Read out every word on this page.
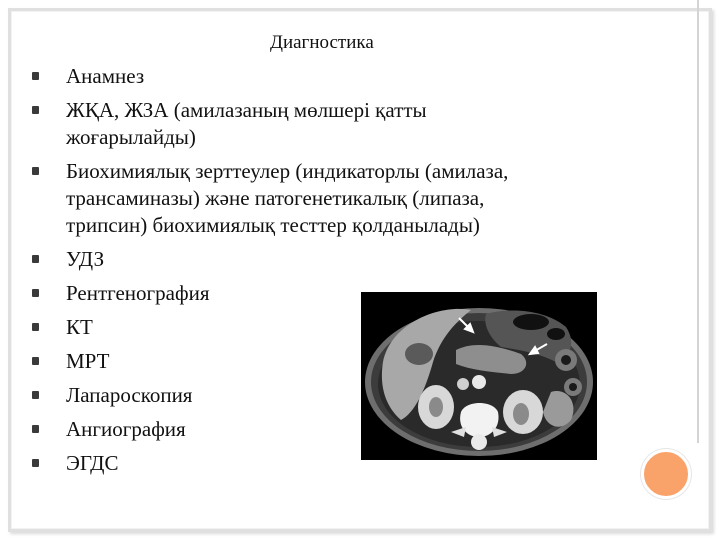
Диагностика
Анамнез
ЖҚА, ЖЗА (амилазаның мөлшері қатты
жоғарылайды)
Биохимиялық зерттеулер (индикаторлы (амилаза,
трансаминазы) және патогенетикалық (липаза,
трипсин) биохимиялық тесттер қолданылады)
УДЗ
Рентгенография
КТ
МРТ
Лапароскопия
Ангиография
ЭГДС
